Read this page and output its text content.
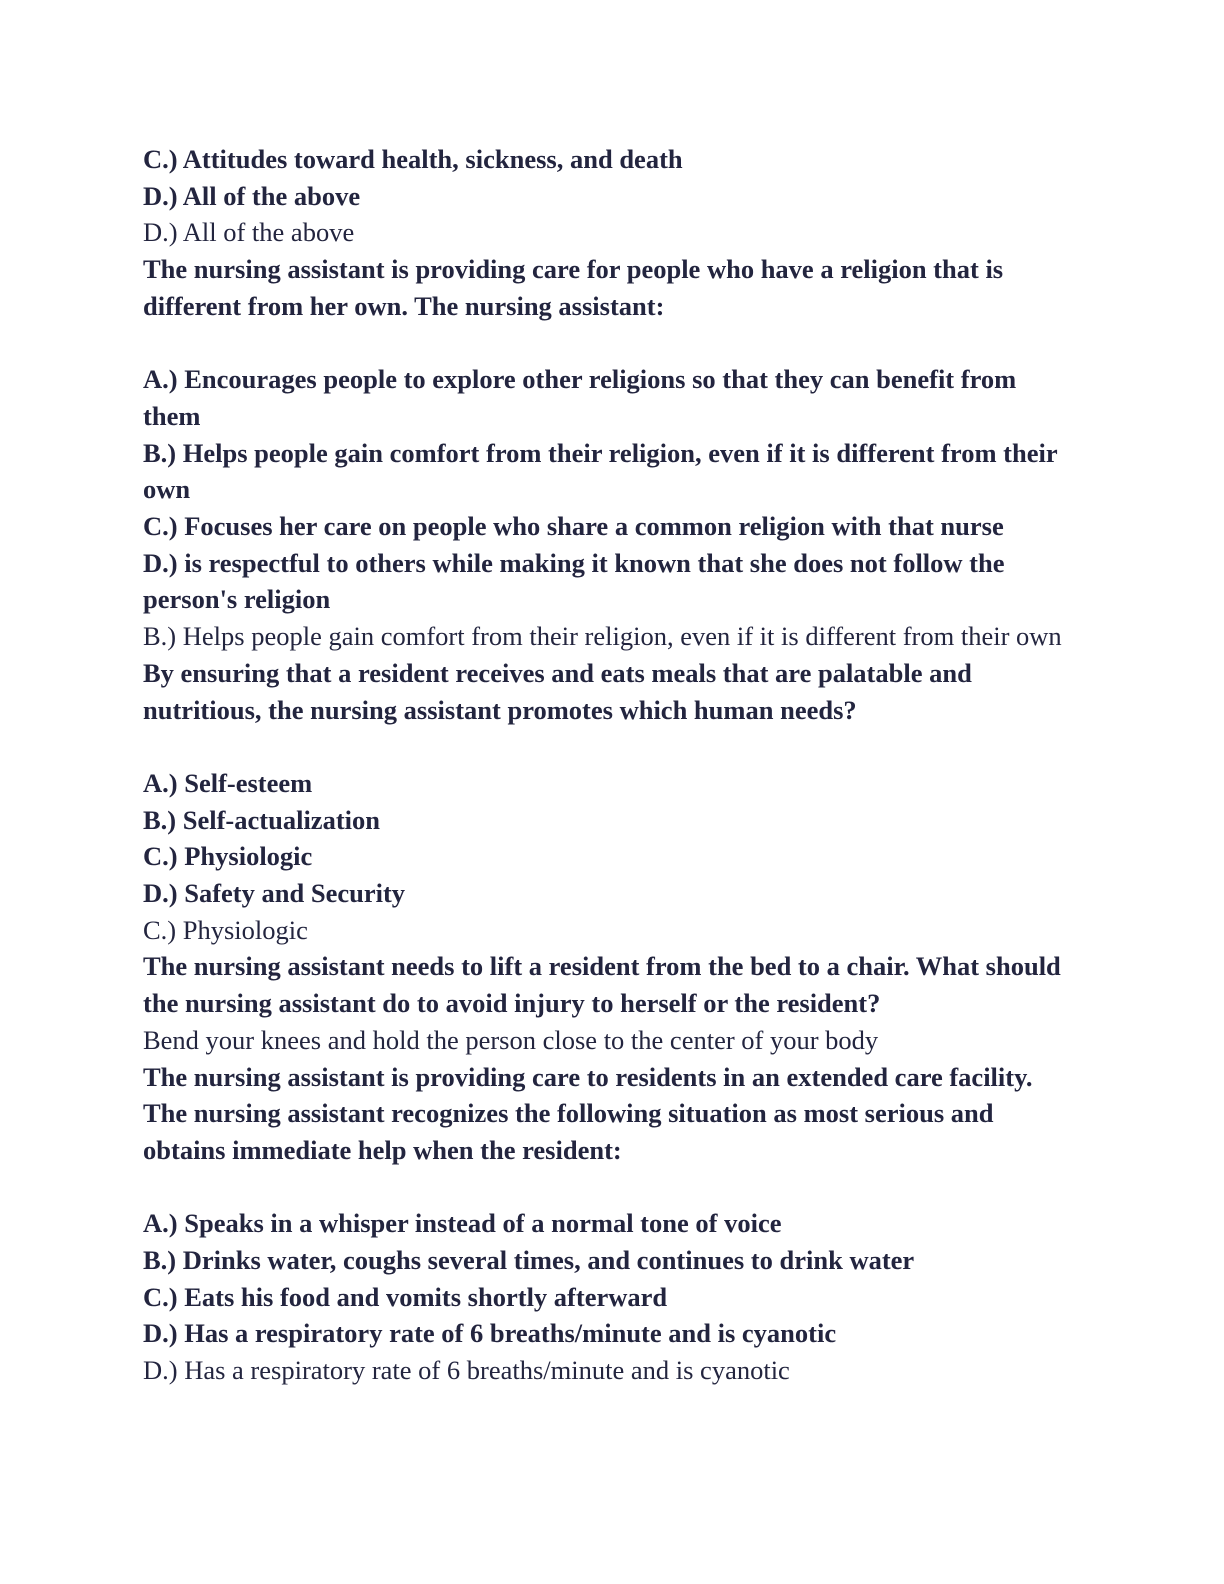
C.) Attitudes toward health, sickness, and death

D.) All of the above

D.) All of the above

The nursing assistant is providing care for people who have a religion that is different from her own. The nursing assistant:

A.) Encourages people to explore other religions so that they can benefit from them

B.) Helps people gain comfort from their religion, even if it is different from their own

C.) Focuses her care on people who share a common religion with that nurse

D.) is respectful to others while making it known that she does not follow the person's religion

B.) Helps people gain comfort from their religion, even if it is different from their own

By ensuring that a resident receives and eats meals that are palatable and nutritious, the nursing assistant promotes which human needs?

A.) Self-esteem

B.) Self-actualization

C.) Physiologic

D.) Safety and Security

C.) Physiologic

The nursing assistant needs to lift a resident from the bed to a chair. What should the nursing assistant do to avoid injury to herself or the resident?

Bend your knees and hold the person close to the center of your body

The nursing assistant is providing care to residents in an extended care facility. The nursing assistant recognizes the following situation as most serious and obtains immediate help when the resident:

A.) Speaks in a whisper instead of a normal tone of voice

B.) Drinks water, coughs several times, and continues to drink water

C.) Eats his food and vomits shortly afterward

D.) Has a respiratory rate of 6 breaths/minute and is cyanotic

D.) Has a respiratory rate of 6 breaths/minute and is cyanotic
